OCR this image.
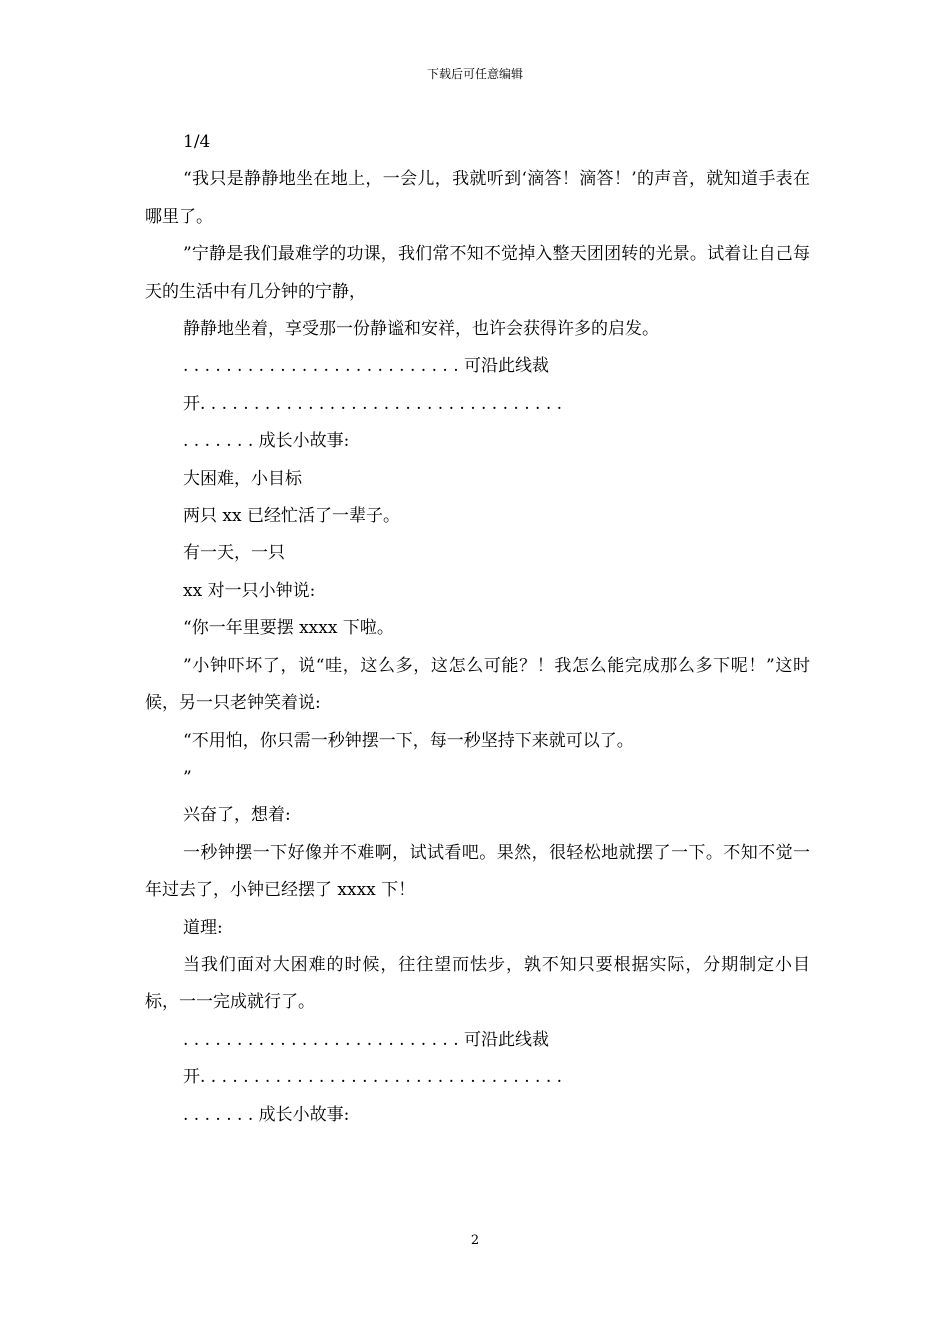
下载后可任意编辑

1/4

“我只是静静地坐在地上，一会儿，我就听到‘滴答！滴答！’的声音，就知道手表在哪里了。

”宁静是我们最难学的功课，我们常不知不觉掉入整天团团转的光景。试着让自己每天的生活中有几分钟的宁静，

静静地坐着，享受那一份静谧和安祥，也许会获得许多的启发。

. . . . . . . . . . . . . . . . . . . . . . . . . . 可沿此线裁

开. . . . . . . . . . . . . . . . . . . . . . . . . . . . . . . . . .

. . . . . . . 成长小故事:

大困难，小目标

两只 xx 已经忙活了一辈子。

有一天，一只

xx 对一只小钟说:

“你一年里要摆 xxxx 下啦。

”小钟吓坏了，说“哇，这么多，这怎么可能？！我怎么能完成那么多下呢！”这时候，另一只老钟笑着说:

“不用怕，你只需一秒钟摆一下，每一秒坚持下来就可以了。

”

兴奋了，想着:

一秒钟摆一下好像并不难啊，试试看吧。果然，很轻松地就摆了一下。不知不觉一年过去了，小钟已经摆了 xxxx 下！

道理:

当我们面对大困难的时候，往往望而怯步，孰不知只要根据实际，分期制定小目标，一一完成就行了。

. . . . . . . . . . . . . . . . . . . . . . . . . . 可沿此线裁

开. . . . . . . . . . . . . . . . . . . . . . . . . . . . . . . . . .

. . . . . . . 成长小故事:

2
